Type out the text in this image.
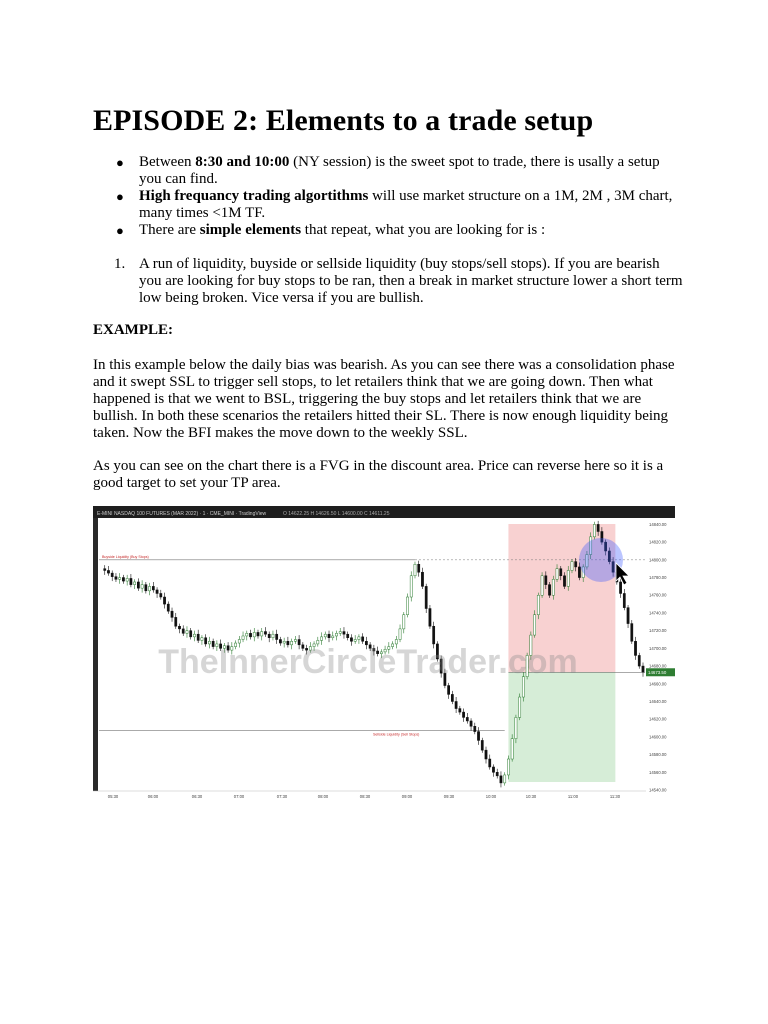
EPISODE 2: Elements to a trade setup
● Between 8:30 and 10:00 (NY session) is the sweet spot to trade, there is usally a setup you can find.
● High frequancy trading algortithms will use market structure on a 1M, 2M , 3M chart, many times <1M TF.
● There are simple elements that repeat, what you are looking for is :
1. A run of liquidity, buyside or sellside liquidity (buy stops/sell stops). If you are bearish you are looking for buy stops to be ran, then a break in market structure lower a short term low being broken. Vice versa if you are bullish.

EXAMPLE:

In this example below the daily bias was bearish. As you can see there was a consolidation phase and it swept SSL to trigger sell stops, to let retailers think that we are going down. Then what happened is that we went to BSL, triggering the buy stops and let retailers think that we are bullish. In both these scenarios the retailers hitted their SL. There is now enough liquidity being taken. Now the BFI makes the move down to the weekly SSL.

As you can see on the chart there is a FVG in the discount area. Price can reverse here so it is a good target to set your TP area.

E-MINI NASDAQ 100 FUTURES (MAR 2022) · 1 · CME_MINI · TradingView	O 14622.25 H 14626.50 L 14600.00 C 14611.25
Buyside Liquidity (Buy Stops)
Sellside Liquidity (Sell Stops)
TheInnerCircleTrader.com
14840.00
14820.00
14800.00
14780.00
14760.00
14740.00
14720.00
14700.00
14680.00
14660.00
14640.00
14620.00
14600.00
14580.00
14560.00
14540.00
14673.50
05:30	06:00	06:30	07:00	07:30	08:00	08:30	09:00	09:30	10:00	10:30	11:00	11:30
